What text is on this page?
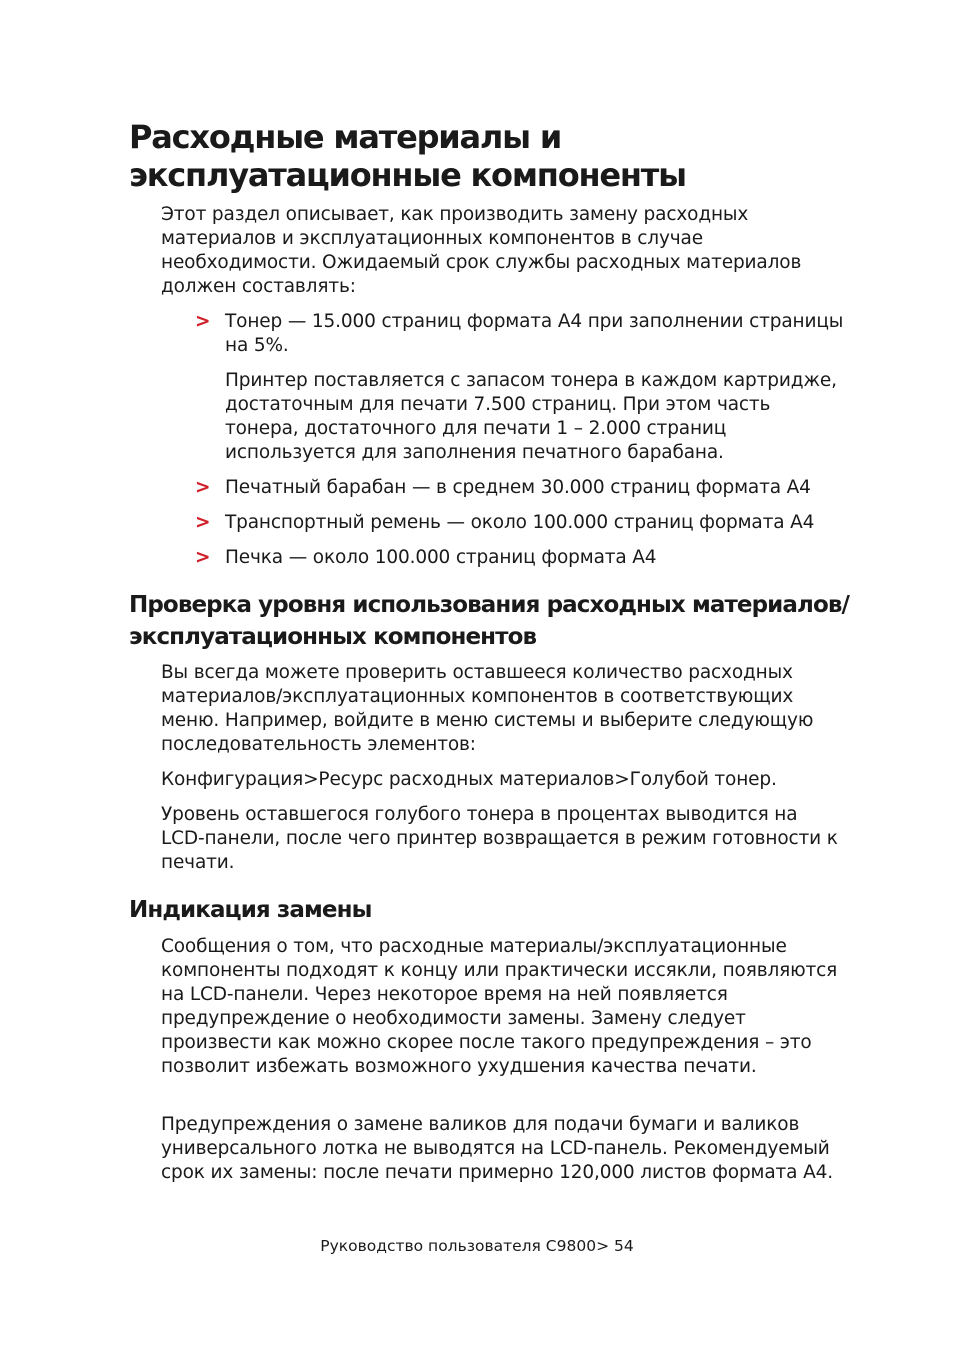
Расходные материалы и эксплуатационные компоненты

Этот раздел описывает, как производить замену расходных материалов и эксплуатационных компонентов в случае необходимости. Ожидаемый срок службы расходных материалов должен составлять:

> Тонер — 15.000 страниц формата А4 при заполнении страницы на 5%.

Принтер поставляется с запасом тонера в каждом картридже, достаточным для печати 7.500 страниц. При этом часть тонера, достаточного для печати 1 – 2.000 страниц используется для заполнения печатного барабана.

> Печатный барабан — в среднем 30.000 страниц формата А4
> Транспортный ремень — около 100.000 страниц формата А4
> Печка — около 100.000 страниц формата А4
Проверка уровня использования расходных материалов/эксплуатационных компонентов

Вы всегда можете проверить оставшееся количество расходных материалов/эксплуатационных компонентов в соответствующих меню. Например, войдите в меню системы и выберите следующую последовательность элементов:

Конфигурация>Ресурс расходных материалов>Голубой тонер.

Уровень оставшегося голубого тонера в процентах выводится на LCD-панели, после чего принтер возвращается в режим готовности к печати.

Индикация замены

Сообщения о том, что расходные материалы/эксплуатационные компоненты подходят к концу или практически иссякли, появляются на LCD-панели. Через некоторое время на ней появляется предупреждение о необходимости замены. Замену следует произвести как можно скорее после такого предупреждения – это позволит избежать возможного ухудшения качества печати.

Предупреждения о замене валиков для подачи бумаги и валиков универсального лотка не выводятся на LCD-панель. Рекомендуемый срок их замены: после печати примерно 120,000 листов формата А4.

Руководство пользователя C9800> 54
